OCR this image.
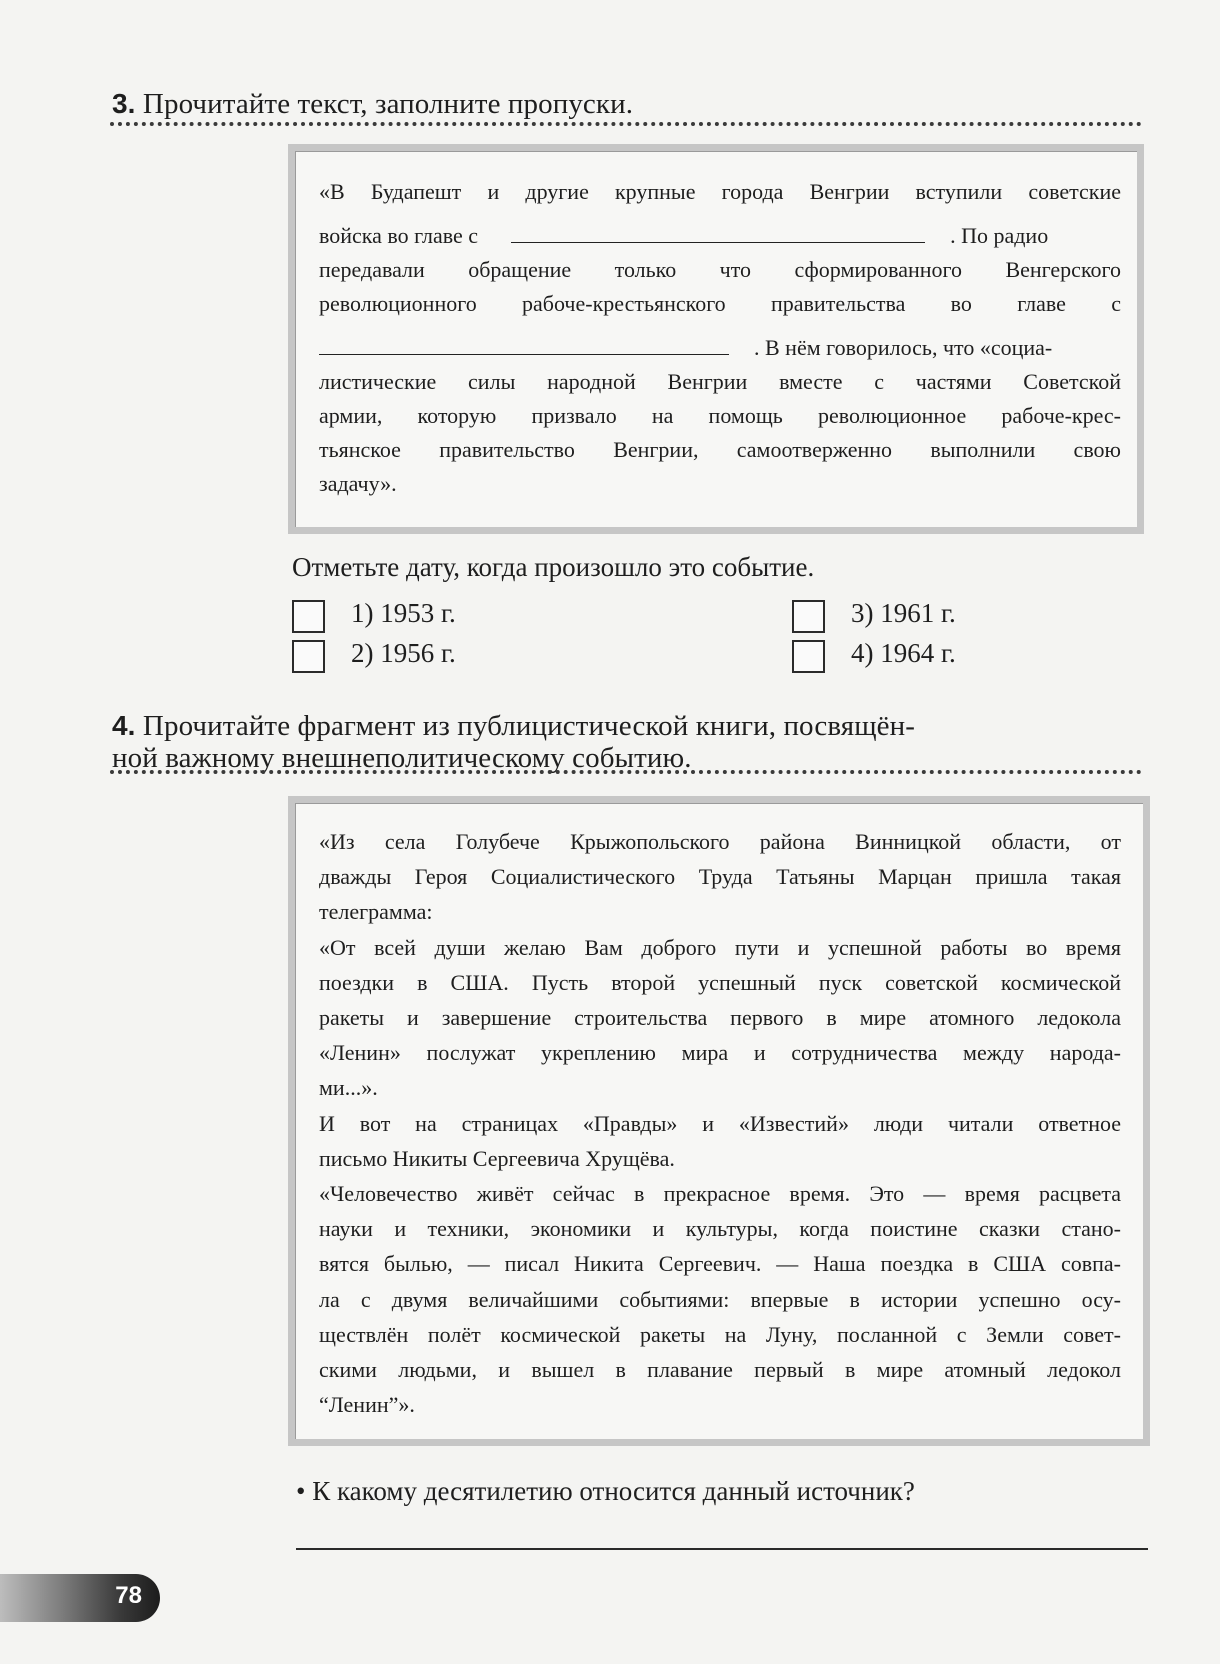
3. Прочитайте текст, заполните пропуски.
«В Будапешт и другие крупные города Венгрии вступили советские
войска во главе с	. По радио
передавали обращение только что сформированного Венгерского
революционного рабоче-крестьянского правительства во главе с
. В нём говорилось, что «социа-
листические силы народной Венгрии вместе с частями Советской
армии, которую призвало на помощь революционное рабоче-крес-
тьянское правительство Венгрии, самоотверженно выполнили свою
задачу».
Отметьте дату, когда произошло это событие.
1) 1953 г.
2) 1956 г.
3) 1961 г.
4) 1964 г.
4. Прочитайте фрагмент из публицистической книги, посвящён-
ной важному внешнеполитическому событию.
«Из села Голубече Крыжопольского района Винницкой области, от
дважды Героя Социалистического Труда Татьяны Марцан пришла такая
телеграмма:
«От всей души желаю Вам доброго пути и успешной работы во время
поездки в США. Пусть второй успешный пуск советской космической
ракеты и завершение строительства первого в мире атомного ледокола
«Ленин» послужат укреплению мира и сотрудничества между народа-
ми...».
И вот на страницах «Правды» и «Известий» люди читали ответное
письмо Никиты Сергеевича Хрущёва.
«Человечество живёт сейчас в прекрасное время. Это — время расцвета
науки и техники, экономики и культуры, когда поистине сказки стано-
вятся былью, — писал Никита Сергеевич. — Наша поездка в США совпа-
ла с двумя величайшими событиями: впервые в истории успешно осу-
ществлён полёт космической ракеты на Луну, посланной с Земли совет-
скими людьми, и вышел в плавание первый в мире атомный ледокол
“Ленин”».
• К какому десятилетию относится данный источник?
78
